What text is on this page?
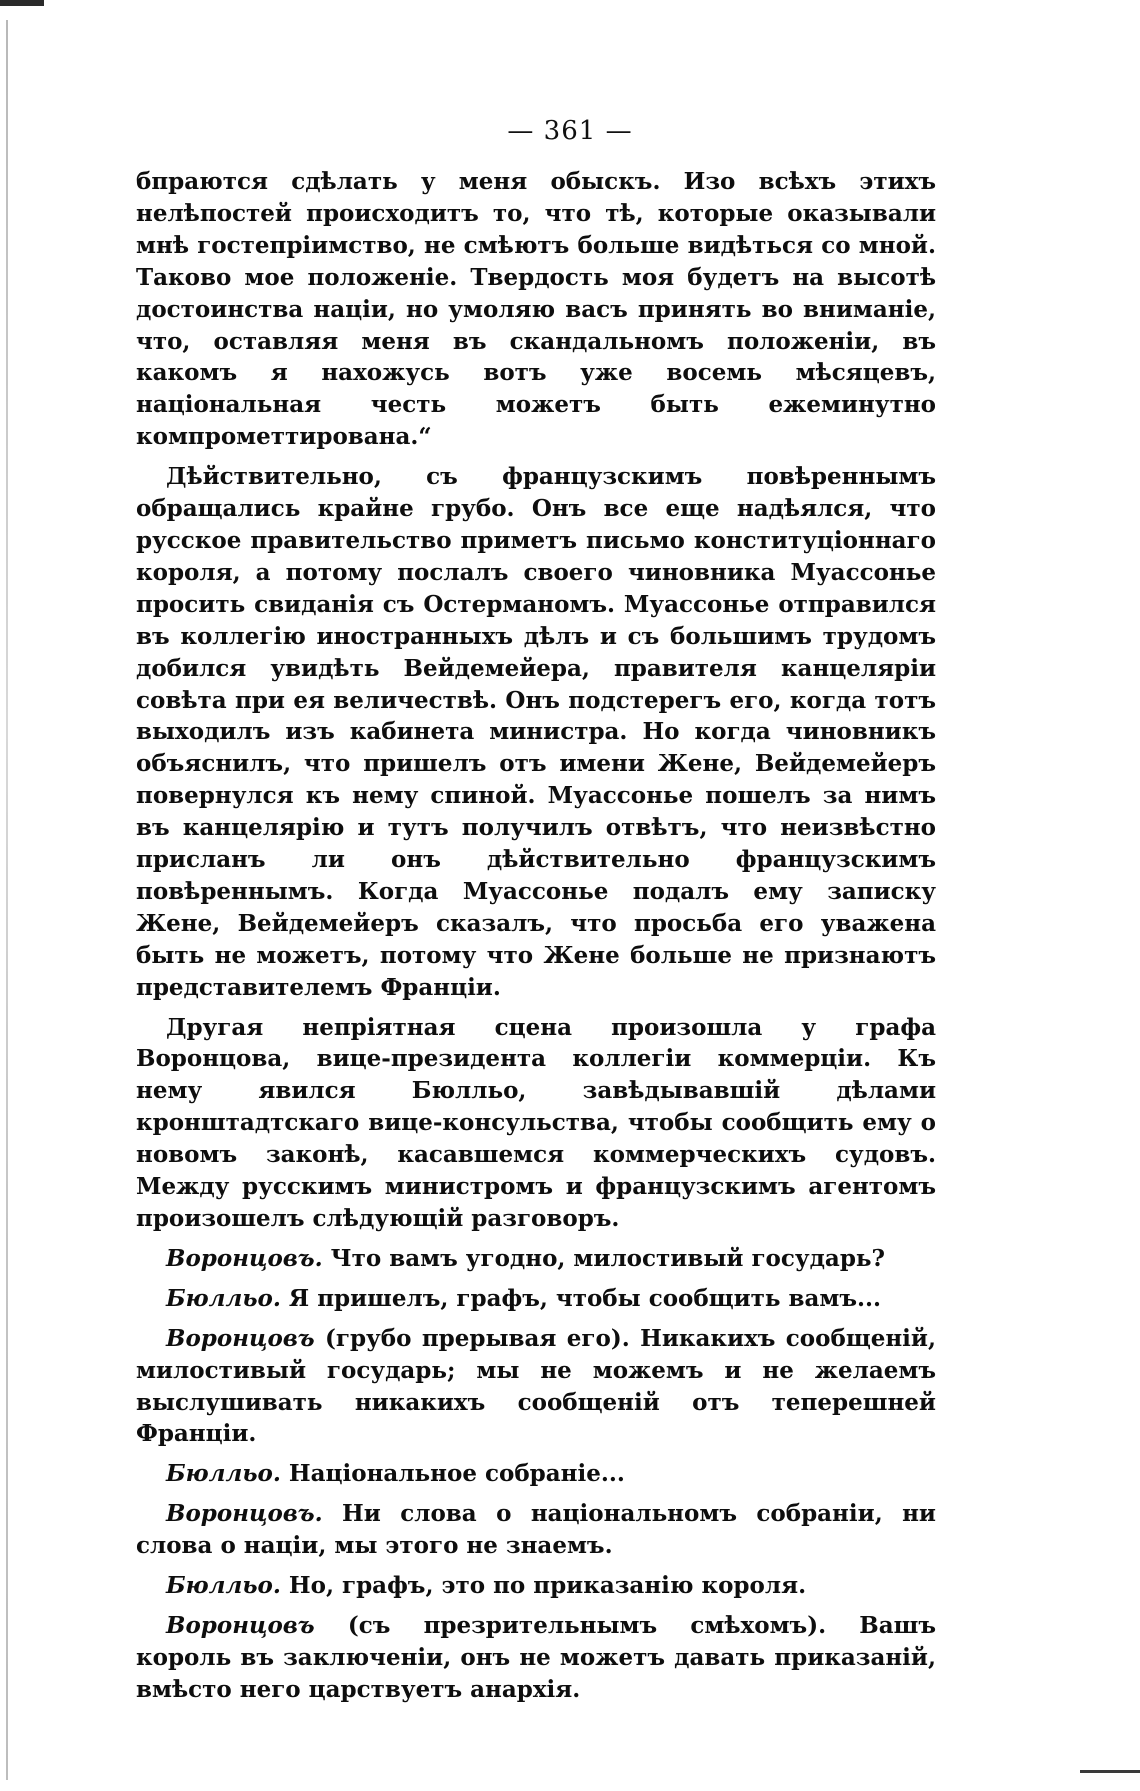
— 361 —

бпраются сдѣлать у меня обыскъ. Изо всѣхъ этихъ нелѣпостей происходитъ то, что тѣ, которые оказывали мнѣ гостепріимство, не смѣютъ больше видѣться со мной. Таково мое положеніе. Твердость моя будетъ на высотѣ достоинства націи, но умоляю васъ принять во вниманіе, что, оставляя меня въ скандальномъ положеніи, въ какомъ я нахожусь вотъ уже восемь мѣсяцевъ, національная честь можетъ быть ежеминутно компрометтирована.“

Дѣйствительно, съ французскимъ повѣреннымъ обращались крайне грубо. Онъ все еще надѣялся, что русское правительство приметъ письмо конституціоннаго короля, а потому послалъ своего чиновника Муассонье просить свиданія съ Остерманомъ. Муассонье отправился въ коллегію иностранныхъ дѣлъ и съ большимъ трудомъ добился увидѣть Вейдемейера, правителя канцеляріи совѣта при ея величествѣ. Онъ подстерегъ его, когда тотъ выходилъ изъ кабинета министра. Но когда чиновникъ объяснилъ, что пришелъ отъ имени Жене, Вейдемейеръ повернулся къ нему спиной. Муассонье пошелъ за нимъ въ канцелярію и тутъ получилъ отвѣтъ, что неизвѣстно присланъ ли онъ дѣйствительно французскимъ повѣреннымъ. Когда Муассонье подалъ ему записку Жене, Вейдемейеръ сказалъ, что просьба его уважена быть не можетъ, потому что Жене больше не признаютъ представителемъ Франціи.

Другая непріятная сцена произошла у графа Воронцова, вице-президента коллегіи коммерціи. Къ нему явился Бюлльо, завѣдывавшій дѣлами кронштадтскаго вице-консульства, чтобы сообщить ему о новомъ законѣ, касавшемся коммерческихъ судовъ. Между русскимъ министромъ и французскимъ агентомъ произошелъ слѣдующій разговоръ.

Воронцовъ. Что вамъ угодно, милостивый государь?

Бюлльо. Я пришелъ, графъ, чтобы сообщить вамъ...

Воронцовъ (грубо прерывая его). Никакихъ сообщеній, милостивый государь; мы не можемъ и не желаемъ выслушивать никакихъ сообщеній отъ теперешней Франціи.

Бюлльо. Національное собраніе...

Воронцовъ. Ни слова о національномъ собраніи, ни слова о націи, мы этого не знаемъ.

Бюлльо. Но, графъ, это по приказанію короля.

Воронцовъ (съ презрительнымъ смѣхомъ). Вашъ король въ заключеніи, онъ не можетъ давать приказаній, вмѣсто него царствуетъ анархія.
